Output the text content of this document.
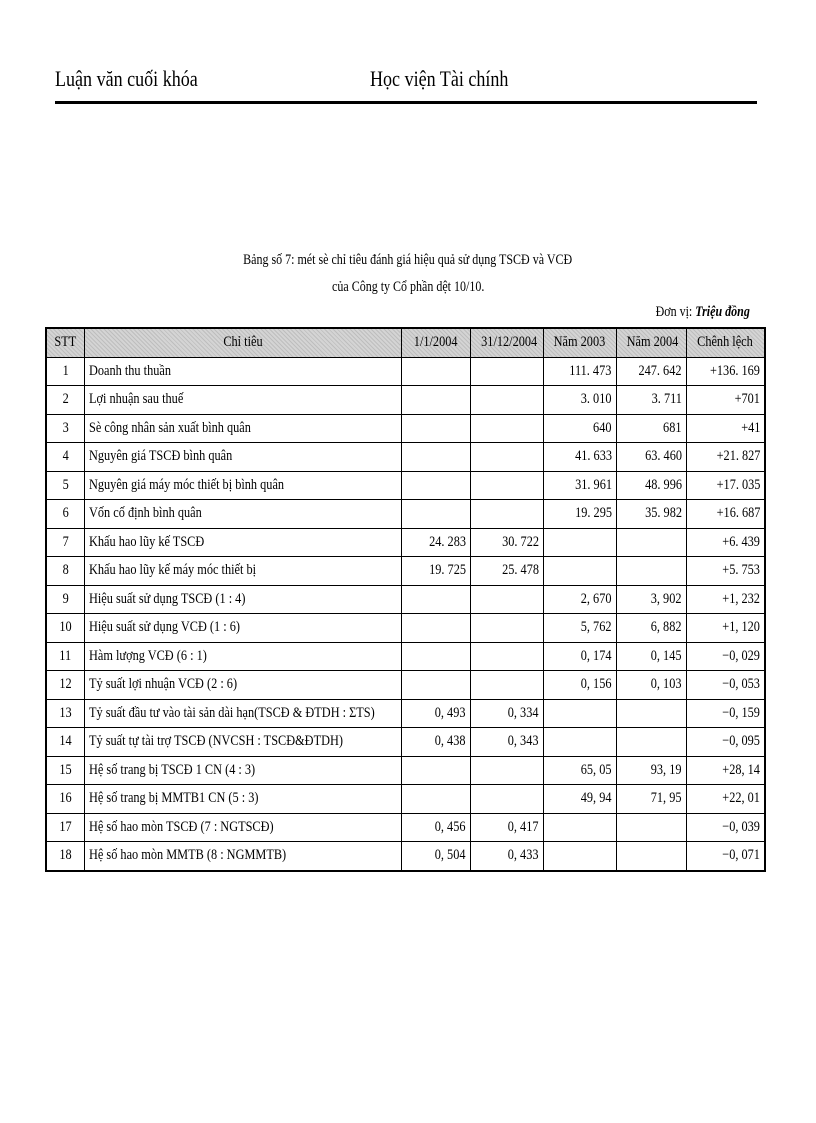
Luận văn cuối khóa	Học viện Tài chính
Bảng số 7: mét sè chỉ tiêu đánh giá hiệu quả sử dụng TSCĐ và VCĐ
của Công ty Cổ phần dệt 10/10.
Đơn vị: Triệu đồng
STT	Chỉ tiêu	1/1/2004	31/12/2004	Năm 2003	Năm 2004	Chênh lệch
1	Doanh thu thuần			111. 473	247. 642	+136. 169
2	Lợi nhuận sau thuế			3. 010	3. 711	+701
3	Sè công nhân sản xuất bình quân			640	681	+41
4	Nguyên giá TSCĐ bình quân			41. 633	63. 460	+21. 827
5	Nguyên giá máy móc thiết bị bình quân			31. 961	48. 996	+17. 035
6	Vốn cố định bình quân			19. 295	35. 982	+16. 687
7	Khấu hao lũy kế TSCĐ	24. 283	30. 722			+6. 439
8	Khấu hao lũy kế máy móc thiết bị	19. 725	25. 478			+5. 753
9	Hiệu suất sử dụng TSCĐ (1 : 4)			2, 670	3, 902	+1, 232
10	Hiệu suất sử dụng VCĐ (1 : 6)			5, 762	6, 882	+1, 120
11	Hàm lượng VCĐ (6 : 1)			0, 174	0, 145	−0, 029
12	Tỷ suất lợi nhuận VCĐ (2 : 6)			0, 156	0, 103	−0, 053
13	Tỷ suất đầu tư vào tài sản dài hạn(TSCĐ & ĐTDH : ΣTS)	0, 493	0, 334			−0, 159
14	Tỷ suất tự tài trợ TSCĐ (NVCSH : TSCĐ&ĐTDH)	0, 438	0, 343			−0, 095
15	Hệ số trang bị TSCĐ 1 CN (4 : 3)			65, 05	93, 19	+28, 14
16	Hệ số trang bị MMTB1 CN (5 : 3)			49, 94	71, 95	+22, 01
17	Hệ số hao mòn TSCĐ (7 : NGTSCĐ)	0, 456	0, 417			−0, 039
18	Hệ số hao mòn MMTB (8 : NGMMTB)	0, 504	0, 433			−0, 071
